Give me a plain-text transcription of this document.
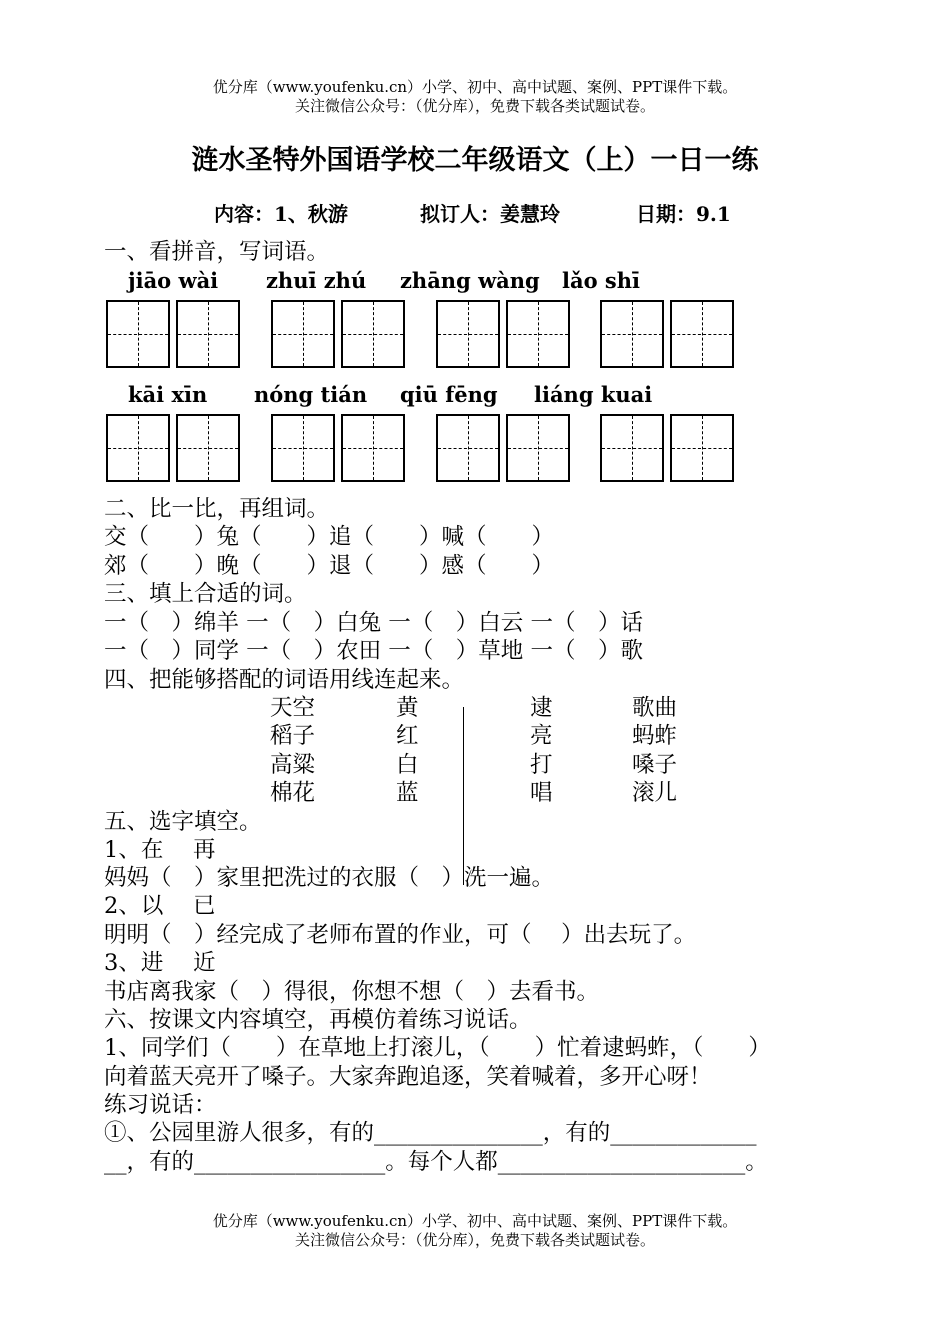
优分库（www.youfenku.cn）小学、初中、高中试题、案例、PPT课件下载。
关注微信公众号：（优分库），免费下载各类试题试卷。
涟水圣特外国语学校二年级语文（上）一日一练
内容：1、秋游	拟订人：姜慧玲	日期：9.1
一、看拼音，写词语。
jiāo wài zhuī zhú zhāng wàng lǎo shī
kāi xīn nóng tián qiū fēng liáng kuai
二、比一比，再组词。
交（　　）兔（　　）追（　　）喊（　　）
郊（　　）晚（　　）退（　　）感（　　）
三、填上合适的词。
一（　）绵羊 一（　）白兔 一（　）白云 一（　）话
一（　）同学 一（　）农田 一（　）草地 一（　）歌
四、把能够搭配的词语用线连起来。
天空
稻子
高粱
棉花
黄
红
白
蓝
逮
亮
打
唱
歌曲
蚂蚱
嗓子
滚儿
五、选字填空。
1、在　 再
妈妈（　）家里把洗过的衣服（　）洗一遍。
2、以　 已
明明（　）经完成了老师布置的作业，可（　 ）出去玩了。
3、进　 近
书店离我家（　）得很，你想不想（　）去看书。
六、按课文内容填空，再模仿着练习说话。
1、同学们（　　）在草地上打滚儿，（　　）忙着逮蚂蚱，（　　）
向着蓝天亮开了嗓子。大家奔跑追逐，笑着喊着，多开心呀！
练习说话：
①、公园里游人很多，有的_______________，有的_____________
__，有的_________________。每个人都______________________。
优分库（www.youfenku.cn）小学、初中、高中试题、案例、PPT课件下载。
关注微信公众号：（优分库），免费下载各类试题试卷。
